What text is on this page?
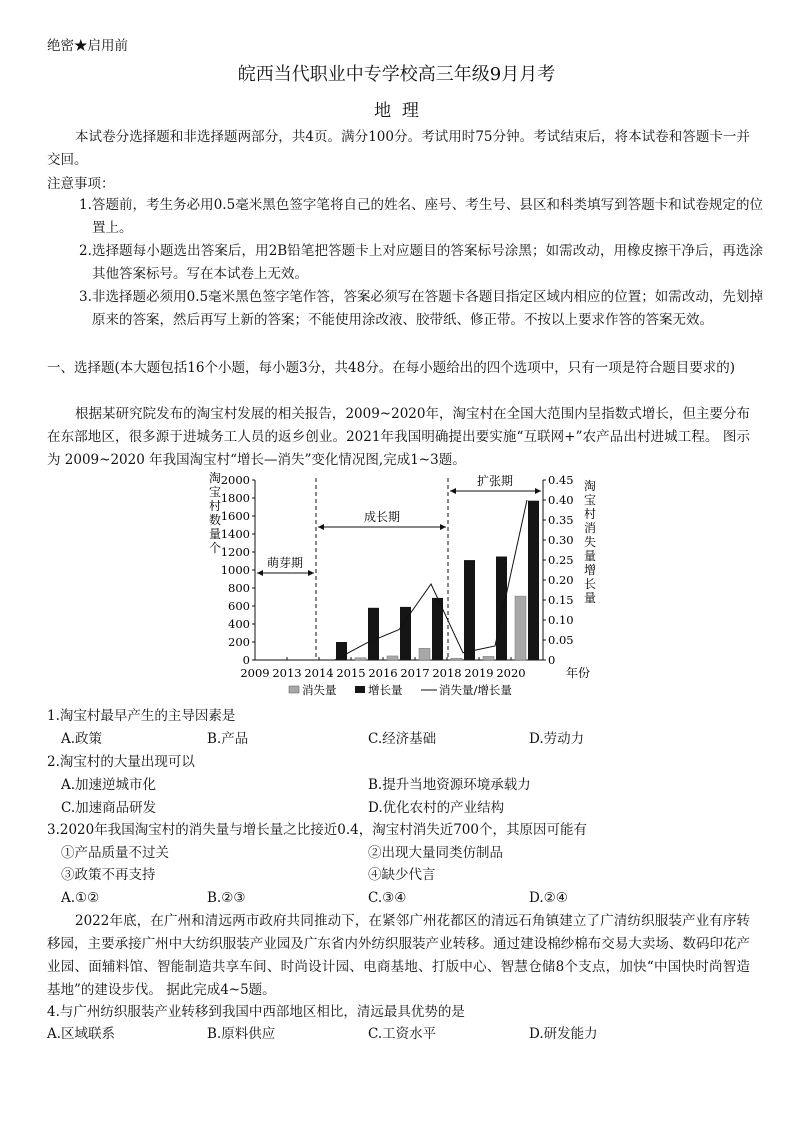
绝密★启用前
皖西当代职业中专学校高三年级9月月考
地  理
本试卷分选择题和非选择题两部分，共4页。满分100分。考试用时75分钟。考试结束后，将本试卷和答题卡一并交回。
注意事项：
1.答题前，考生务必用0.5毫米黑色签字笔将自己的姓名、座号、考生号、县区和科类填写到答题卡和试卷规定的位置上。
2.选择题每小题选出答案后，用2B铅笔把答题卡上对应题目的答案标号涂黑；如需改动，用橡皮擦干净后，再选涂其他答案标号。写在本试卷上无效。
3.非选择题必须用0.5毫米黑色签字笔作答，答案必须写在答题卡各题目指定区域内相应的位置；如需改动，先划掉原来的答案，然后再写上新的答案；不能使用涂改液、胶带纸、修正带。不按以上要求作答的答案无效。
一、选择题(本大题包括16个小题，每小题3分，共48分。在每小题给出的四个选项中，只有一项是符合题目要求的)
根据某研究院发布的淘宝村发展的相关报告，2009~2020年，淘宝村在全国大范围内呈指数式增长，但主要分布在东部地区，很多源于进城务工人员的返乡创业。2021年我国明确提出要实施“互联网+”农产品出村进城工程。 图示为 2009~2020 年我国淘宝村“增长—消失”变化情况图,完成1~3题。
0
200
400
600
800
1000
1200
1400
1600
1800
2000
0
0.05
0.10
0.15
0.20
0.25
0.30
0.35
0.40
0.45
2009 2013 2014 2015 2016 2017 2018 2019 2020
萌芽期
成长期
扩张期
淘宝村数量个
淘宝村消失量增长量
年份
消失量	增长量	消失量/增长量
1.淘宝村最早产生的主导因素是
A.政策	B.产品	C.经济基础	D.劳动力
2.淘宝村的大量出现可以
A.加速逆城市化	B.提升当地资源环境承载力
C.加速商品研发	D.优化农村的产业结构
3.2020年我国淘宝村的消失量与增长量之比接近0.4，淘宝村消失近700个，其原因可能有
①产品质量不过关	②出现大量同类仿制品
③政策不再支持	④缺少代言
A.①②	B.②③	C.③④	D.②④
2022年底，在广州和清远两市政府共同推动下，在紧邻广州花都区的清远石角镇建立了广清纺织服装产业有序转移园，主要承接广州中大纺织服装产业园及广东省内外纺织服装产业转移。通过建设棉纱棉布交易大卖场、数码印花产业园、面辅料馆、智能制造共享车间、时尚设计园、电商基地、打版中心、智慧仓储8个支点，加快“中国快时尚智造基地”的建设步伐。 据此完成4~5题。
4.与广州纺织服装产业转移到我国中西部地区相比，清远最具优势的是
A.区域联系	B.原料供应	C.工资水平	D.研发能力
